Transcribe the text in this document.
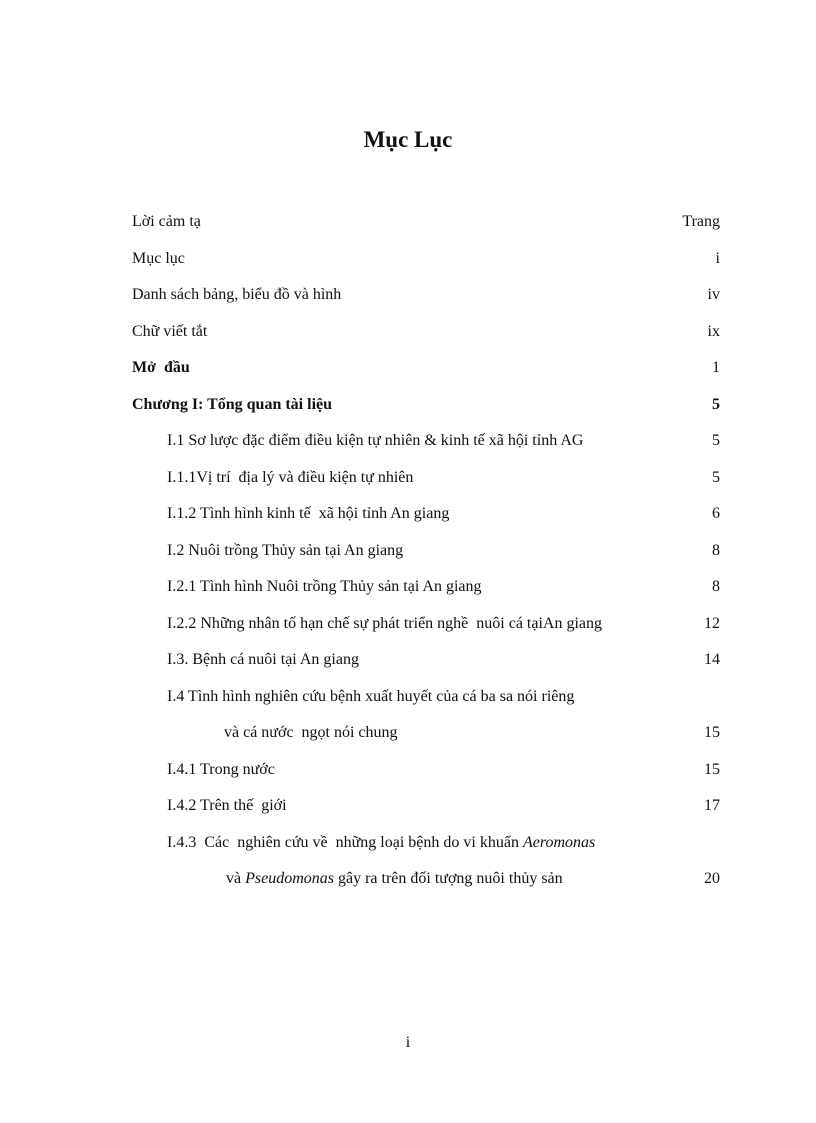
Mục Lục
Lời cảm tạ	Trang
Mục lục	i
Danh sách bảng, biểu đồ và hình	iv
Chữ viết tắt	ix
Mở  đầu	1
Chương I: Tổng quan tài liệu	5
I.1 Sơ lược đặc điểm điều kiện tự nhiên & kinh tế xã hội tỉnh AG	5
I.1.1Vị trí  địa lý và điều kiện tự nhiên	5
I.1.2 Tình hình kinh tế  xã hội tỉnh An giang	6
I.2 Nuôi trồng Thủy sản tại An giang	8
I.2.1 Tình hình Nuôi trồng Thủy sản tại An giang	8
I.2.2 Những nhân tố hạn chế sự phát triển nghề  nuôi cá tạiAn giang	12
I.3. Bệnh cá nuôi tại An giang	14
I.4 Tình hình nghiên cứu bệnh xuất huyết của cá ba sa nói riêng
và cá nước  ngọt nói chung	15
I.4.1 Trong nước	15
I.4.2 Trên thế  giới	17
I.4.3  Các  nghiên cứu về  những loại bệnh do vi khuẩn Aeromonas
và Pseudomonas gây ra trên đối tượng nuôi thủy sản	20
i
